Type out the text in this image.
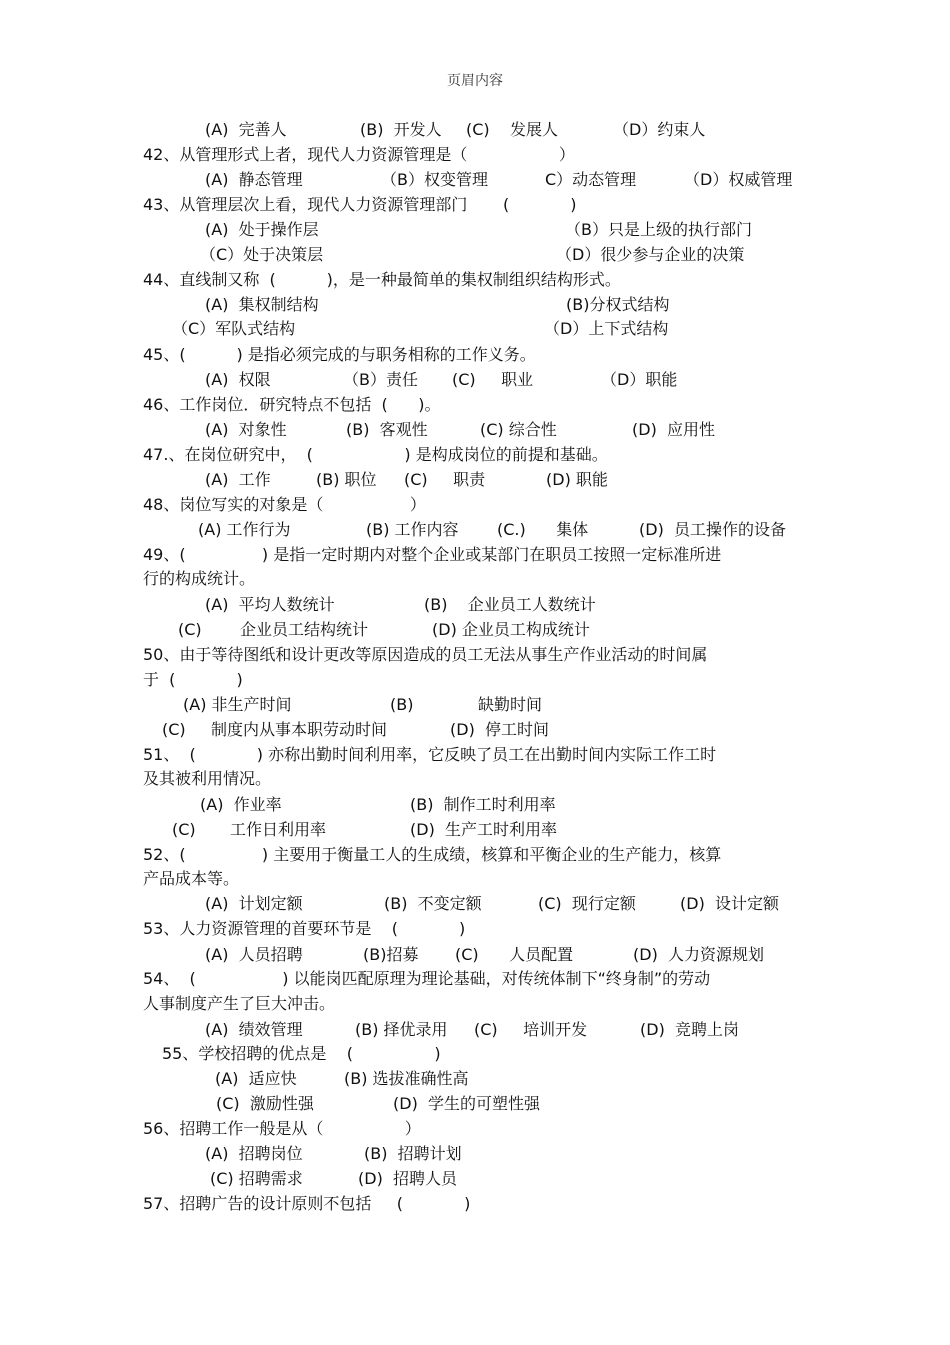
页眉内容
(A)  完善人	(B)  开发人 (C)    发展人	（D）约束人
42、从管理形式上者，现代人力资源管理是（                  ）
(A)  静态管理	（B）权变管理	C）动态管理	（D）权威管理
43、从管理层次上看，现代人力资源管理部门       (            )
(A)  处于操作层	（B）只是上级的执行部门
（C）处于决策层	（D）很少参与企业的决策
44、直线制又称  (          )，是一种最简单的集权制组织结构形式。
(A)  集权制结构	(B)分权式结构
（C）军队式结构	（D）上下式结构
45、(          ) 是指必须完成的与职务相称的工作义务。
(A)  权限	（B）责任 (C)     职业	（D）职能
46、工作岗位．研究特点不包括  (      )。
(A)  对象性	(B)  客观性	(C) 综合性	(D)  应用性
47.、在岗位研究中，  (                  ) 是构成岗位的前提和基础。
(A)  工作	(B) 职位 (C)     职责	(D) 职能
48、岗位写实的对象是（                 ）
(A) 工作行为	(B) 工作内容 (C.)      集体	(D)  员工操作的设备
49、(               ) 是指一定时期内对整个企业或某部门在职员工按照一定标准所进
行的构成统计。
(A)  平均人数统计	(B)    企业员工人数统计
(C) 企业员工结构统计	(D) 企业员工构成统计
50、由于等待图纸和设计更改等原因造成的员工无法从事生产作业活动的时间属
于  (            )
(A) 非生产时间	(B)	缺勤时间
(C) 制度内从事本职劳动时间	(D)  停工时间
51、  (            ) 亦称出勤时间利用率，它反映了员工在出勤时间内实际工作工时
及其被利用情况。
(A)  作业率	(B)  制作工时利用率
(C) 工作日利用率	(D)  生产工时利用率
52、(               ) 主要用于衡量工人的生成绩，核算和平衡企业的生产能力，核算
产品成本等。
(A)  计划定额	(B)  不变定额	(C)  现行定额	(D)  设计定额
53、人力资源管理的首要环节是    (            )
(A)  人员招聘	(B)招募 (C)      人员配置	(D)  人力资源规划
54、  (                 ) 以能岗匹配原理为理论基础，对传统体制下“终身制”的劳动
人事制度产生了巨大冲击。
(A)  绩效管理	(B) 择优录用 (C)     培训开发	(D)  竞聘上岗
55、学校招聘的优点是    (                )
(A)  适应快	(B) 选拔准确性高
(C)  激励性强	(D)  学生的可塑性强
56、招聘工作一般是从（                ）
(A)  招聘岗位	(B)  招聘计划
(C) 招聘需求	(D)  招聘人员
57、招聘广告的设计原则不包括     (            )
